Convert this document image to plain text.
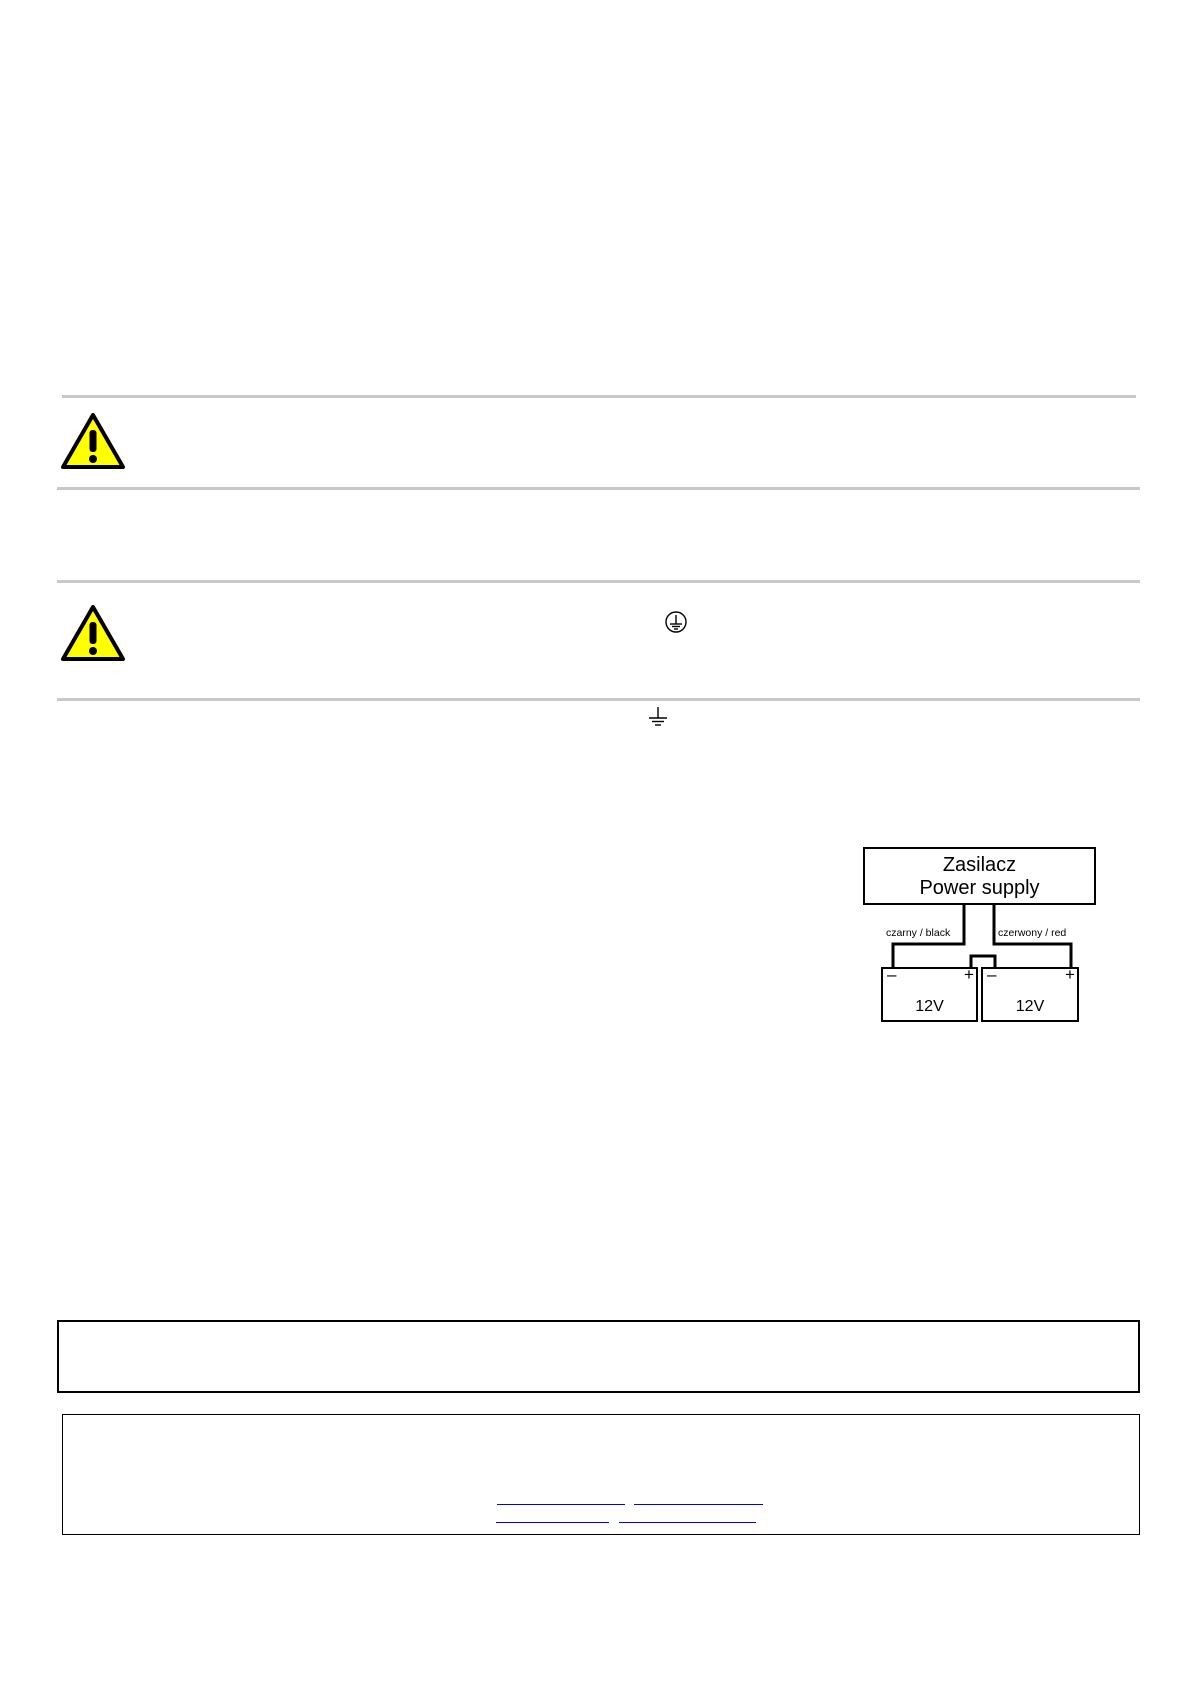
Zasilacz
Power supply
czarny / black	czerwony / red
–	+ –	+
12V	12V
